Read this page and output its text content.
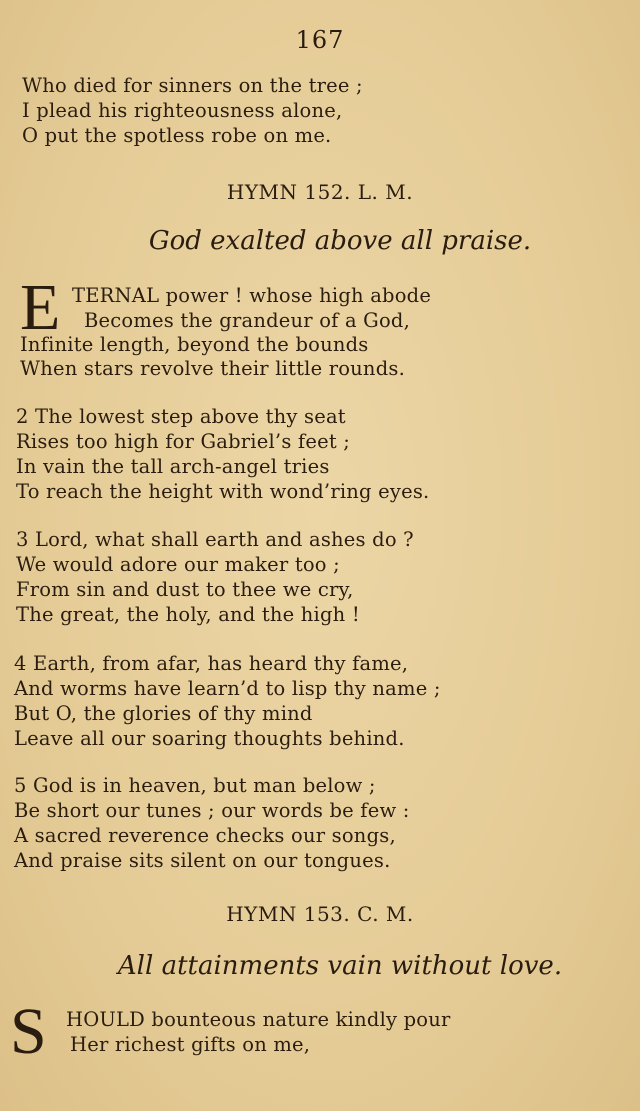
167
Who died for sinners on the tree ;
I plead his righteousness alone,
O put the spotless robe on me.
HYMN 152. L. M.
God exalted above all praise.
E TERNAL power ! whose high abode
Becomes the grandeur of a God,
Infinite length, beyond the bounds
When stars revolve their little rounds.
2 The lowest step above thy seat
Rises too high for Gabriel’s feet ;
In vain the tall arch-angel tries
To reach the height with wond’ring eyes.
3 Lord, what shall earth and ashes do ?
We would adore our maker too ;
From sin and dust to thee we cry,
The great, the holy, and the high !
4 Earth, from afar, has heard thy fame,
And worms have learn’d to lisp thy name ;
But O, the glories of thy mind
Leave all our soaring thoughts behind.
5 God is in heaven, but man below ;
Be short our tunes ; our words be few :
A sacred reverence checks our songs,
And praise sits silent on our tongues.
HYMN 153. C. M.
All attainments vain without love.
S HOULD bounteous nature kindly pour
Her richest gifts on me,
